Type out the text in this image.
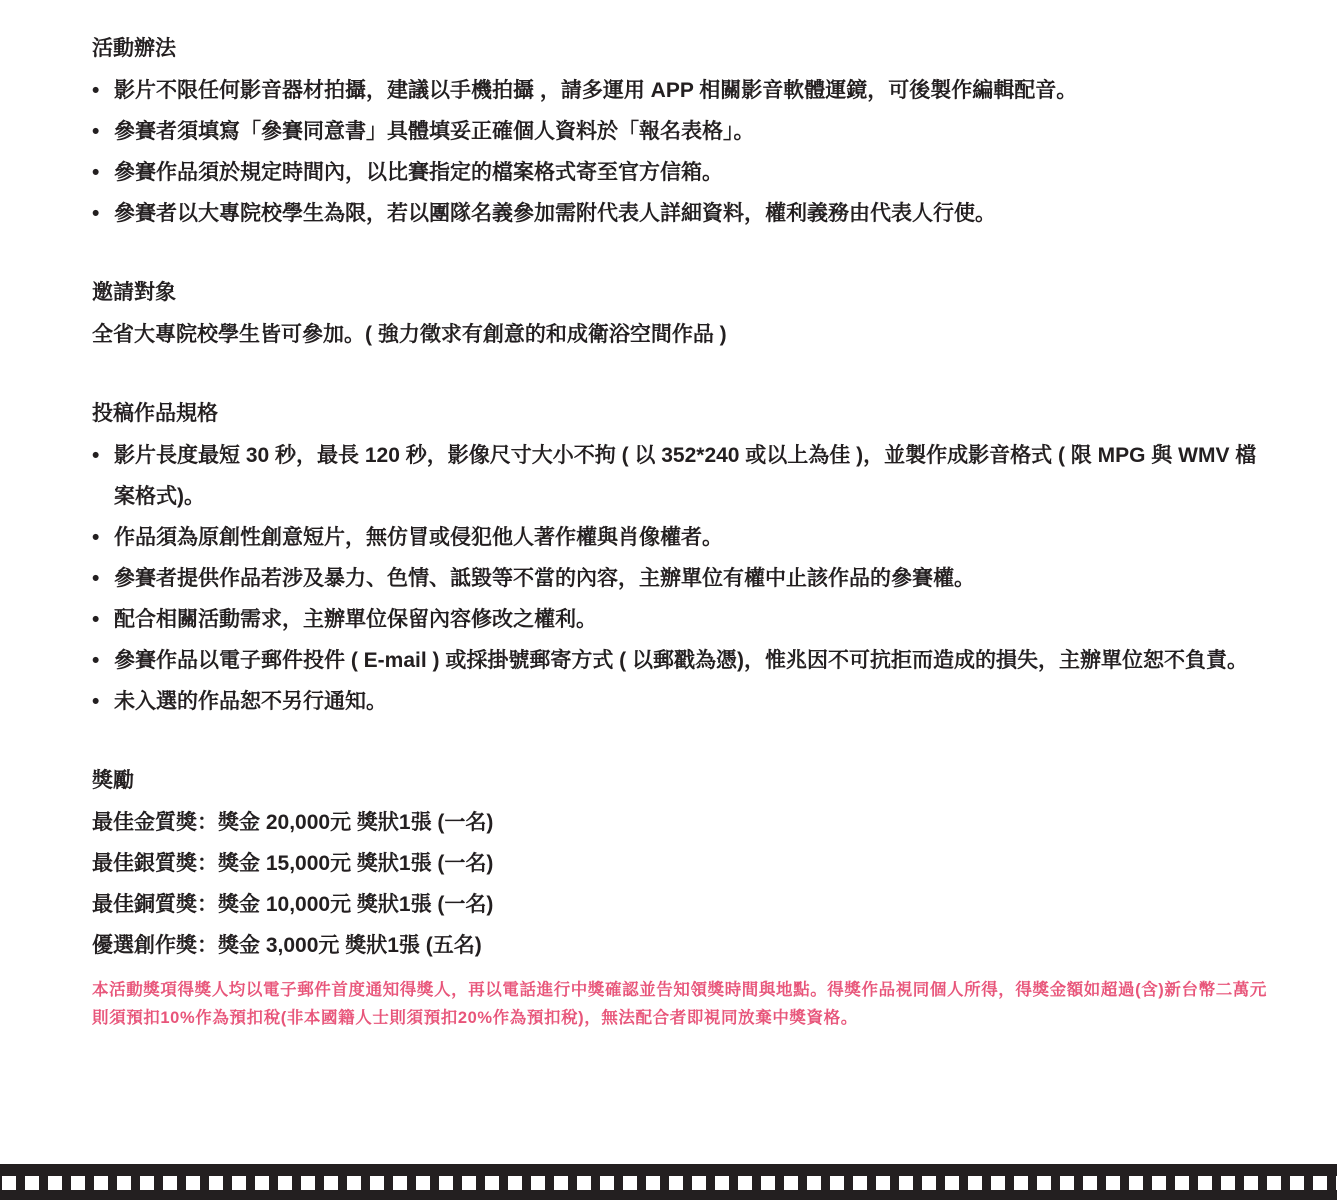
活動辦法
• 影片不限任何影音器材拍攝，建議以手機拍攝 ，請多運用 APP 相關影音軟體運鏡，可後製作編輯配音。
• 參賽者須填寫「參賽同意書」具體填妥正確個人資料於「報名表格」。
• 參賽作品須於規定時間內，以比賽指定的檔案格式寄至官方信箱。
• 參賽者以大專院校學生為限，若以團隊名義參加需附代表人詳細資料，權利義務由代表人行使。
邀請對象

全省大專院校學生皆可參加。( 強力徵求有創意的和成衛浴空間作品 )

投稿作品規格
• 影片長度最短 30 秒，最長 120 秒，影像尺寸大小不拘 ( 以 352*240 或以上為佳 )，並製作成影音格式 ( 限 MPG 與 WMV 檔案格式)。
• 作品須為原創性創意短片，無仿冒或侵犯他人著作權與肖像權者。
• 參賽者提供作品若涉及暴力、色情、詆毀等不當的內容，主辦單位有權中止該作品的參賽權。
• 配合相關活動需求，主辦單位保留內容修改之權利。
• 參賽作品以電子郵件投件 ( E-mail ) 或採掛號郵寄方式 ( 以郵戳為憑)，惟兆因不可抗拒而造成的損失，主辦單位恕不負責。
• 未入選的作品恕不另行通知。
獎勵

最佳金質獎：獎金 20,000元 獎狀1張 (一名)

最佳銀質獎：獎金 15,000元 獎狀1張 (一名)

最佳銅質獎：獎金 10,000元 獎狀1張 (一名)

優選創作獎：獎金 3,000元 獎狀1張 (五名)

本活動獎項得獎人均以電子郵件首度通知得獎人，再以電話進行中獎確認並告知領獎時間與地點。得獎作品視同個人所得，得獎金額如超過(含)新台幣二萬元則須預扣10%作為預扣稅(非本國籍人士則須預扣20%作為預扣稅)，無法配合者即視同放棄中獎資格。
